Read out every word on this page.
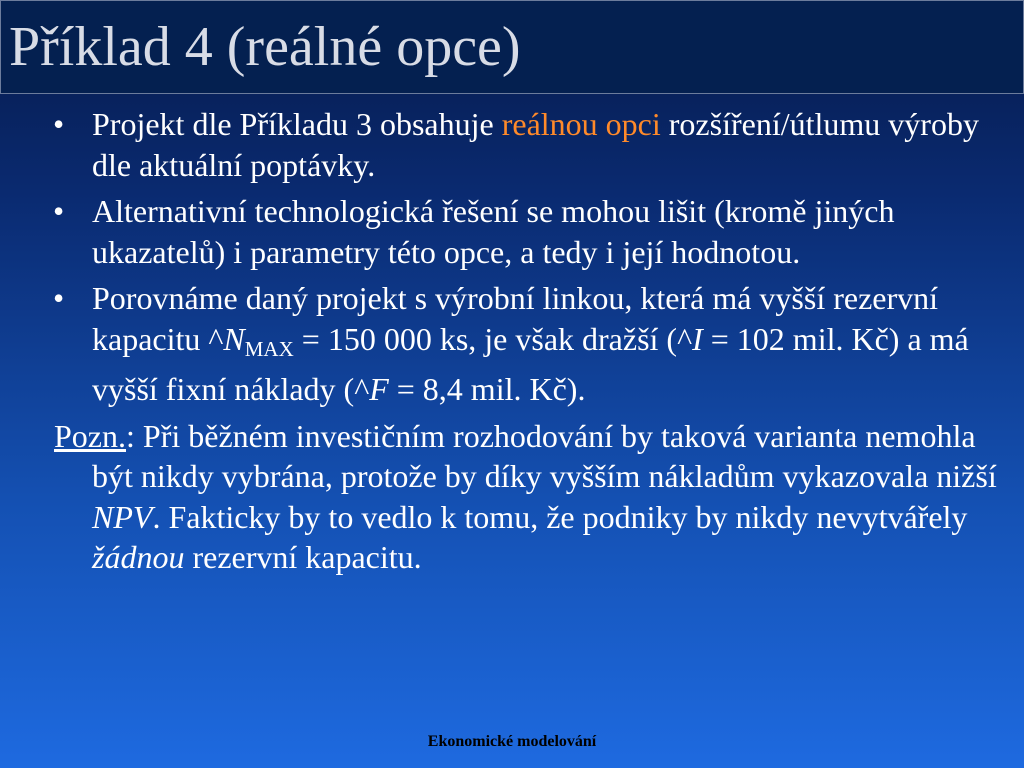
Příklad 4 (reálné opce)
• Projekt dle Příkladu 3 obsahuje reálnou opci rozšíření/útlumu výroby dle aktuální poptávky.
• Alternativní technologická řešení se mohou lišit (kromě jiných ukazatelů) i parametry této opce, a tedy i její hodnotou.
• Porovnáme daný projekt s výrobní linkou, která má vyšší rezervní kapacitu $\^{}N_{MAX} = 150$ 000 ks, je však dražší (^I = 102 mil. Kč) a má vyšší fixní náklady (^F = 8,4 mil. Kč).
Pozn.: Při běžném investičním rozhodování by taková varianta nemohla být nikdy vybrána, protože by díky vyšším nákladům vykazovala nižší NPV. Fakticky by to vedlo k tomu, že podniky by nikdy nevytvářely žádnou rezervní kapacitu.
Ekonomické modelování
